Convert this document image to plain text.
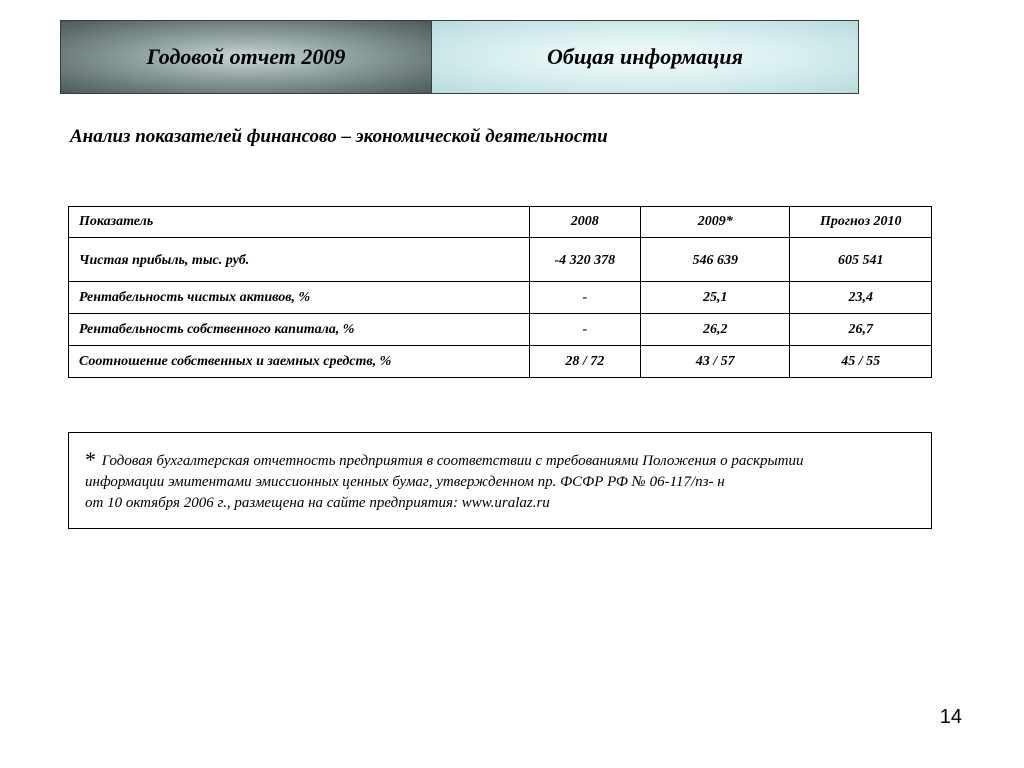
Годовой отчет 2009	Общая информация
Анализ показателей финансово – экономической деятельности
Показатель	2008	2009*	Прогноз 2010
Чистая прибыль, тыс. руб.	-4 320 378	546 639	605 541
Рентабельность чистых активов, %	-	25,1	23,4
Рентабельность собственного капитала, %	-	26,2	26,7
Соотношение собственных и заемных средств, %	28 / 72	43 / 57	45 / 55
* Годовая бухгалтерская отчетность предприятия в соответствии с требованиями Положения о раскрытии
информации эмитентами эмиссионных ценных бумаг, утвержденном пр. ФСФР РФ № 06-117/пз- н
от 10 октября 2006 г., размещена на сайте предприятия: www.uralaz.ru
14
